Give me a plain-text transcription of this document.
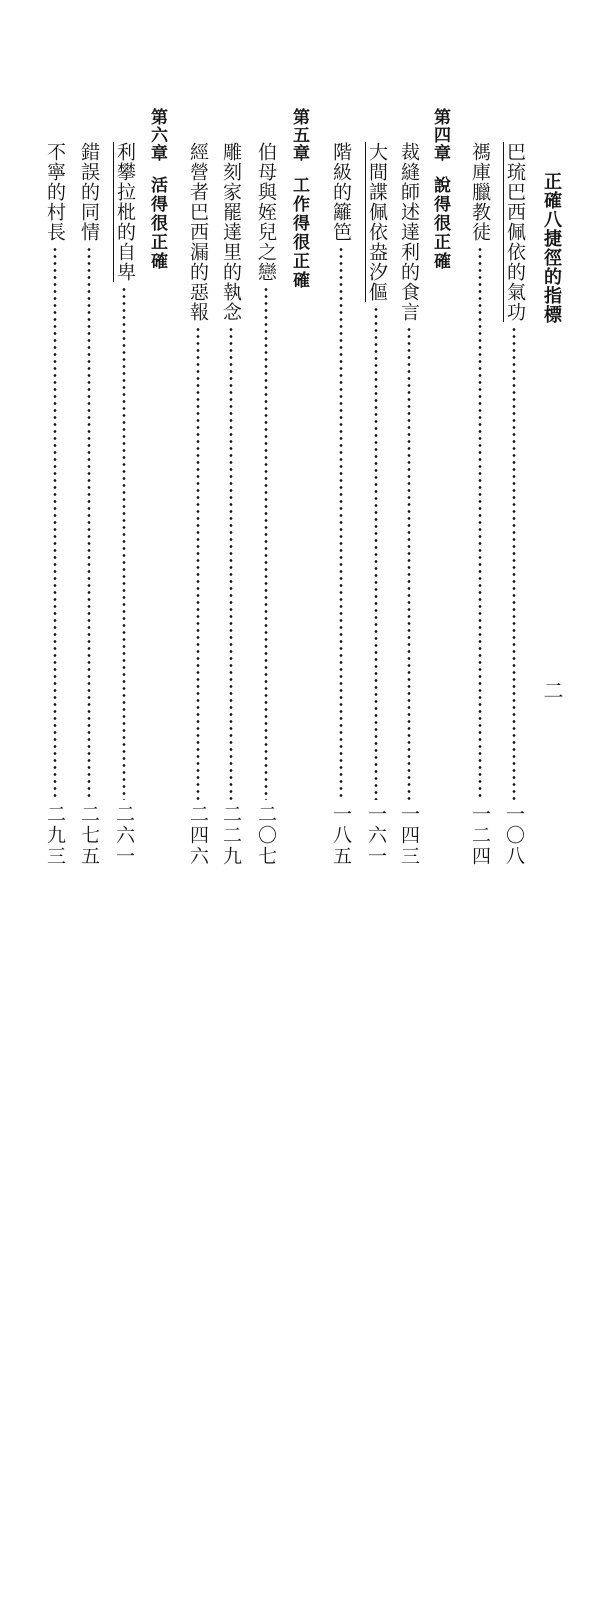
正確八捷徑的指標
二
巴琉巴西佩依的氣功
一〇八
禡庫臘教徒
一二四
第四章說得很正確
裁縫師述達利的食言
一四三
大間諜佩依盎汐傴
一六一
階級的籬笆
一八五
第五章工作得很正確
伯母與姪兒之戀
二〇七
雕刻家罷達里的執念
二二九
經營者巴西漏的惡報
二四六
第六章活得很正確
利攀拉枇的自卑
二六一
錯誤的同情
二七五
不寧的村長
二九三
